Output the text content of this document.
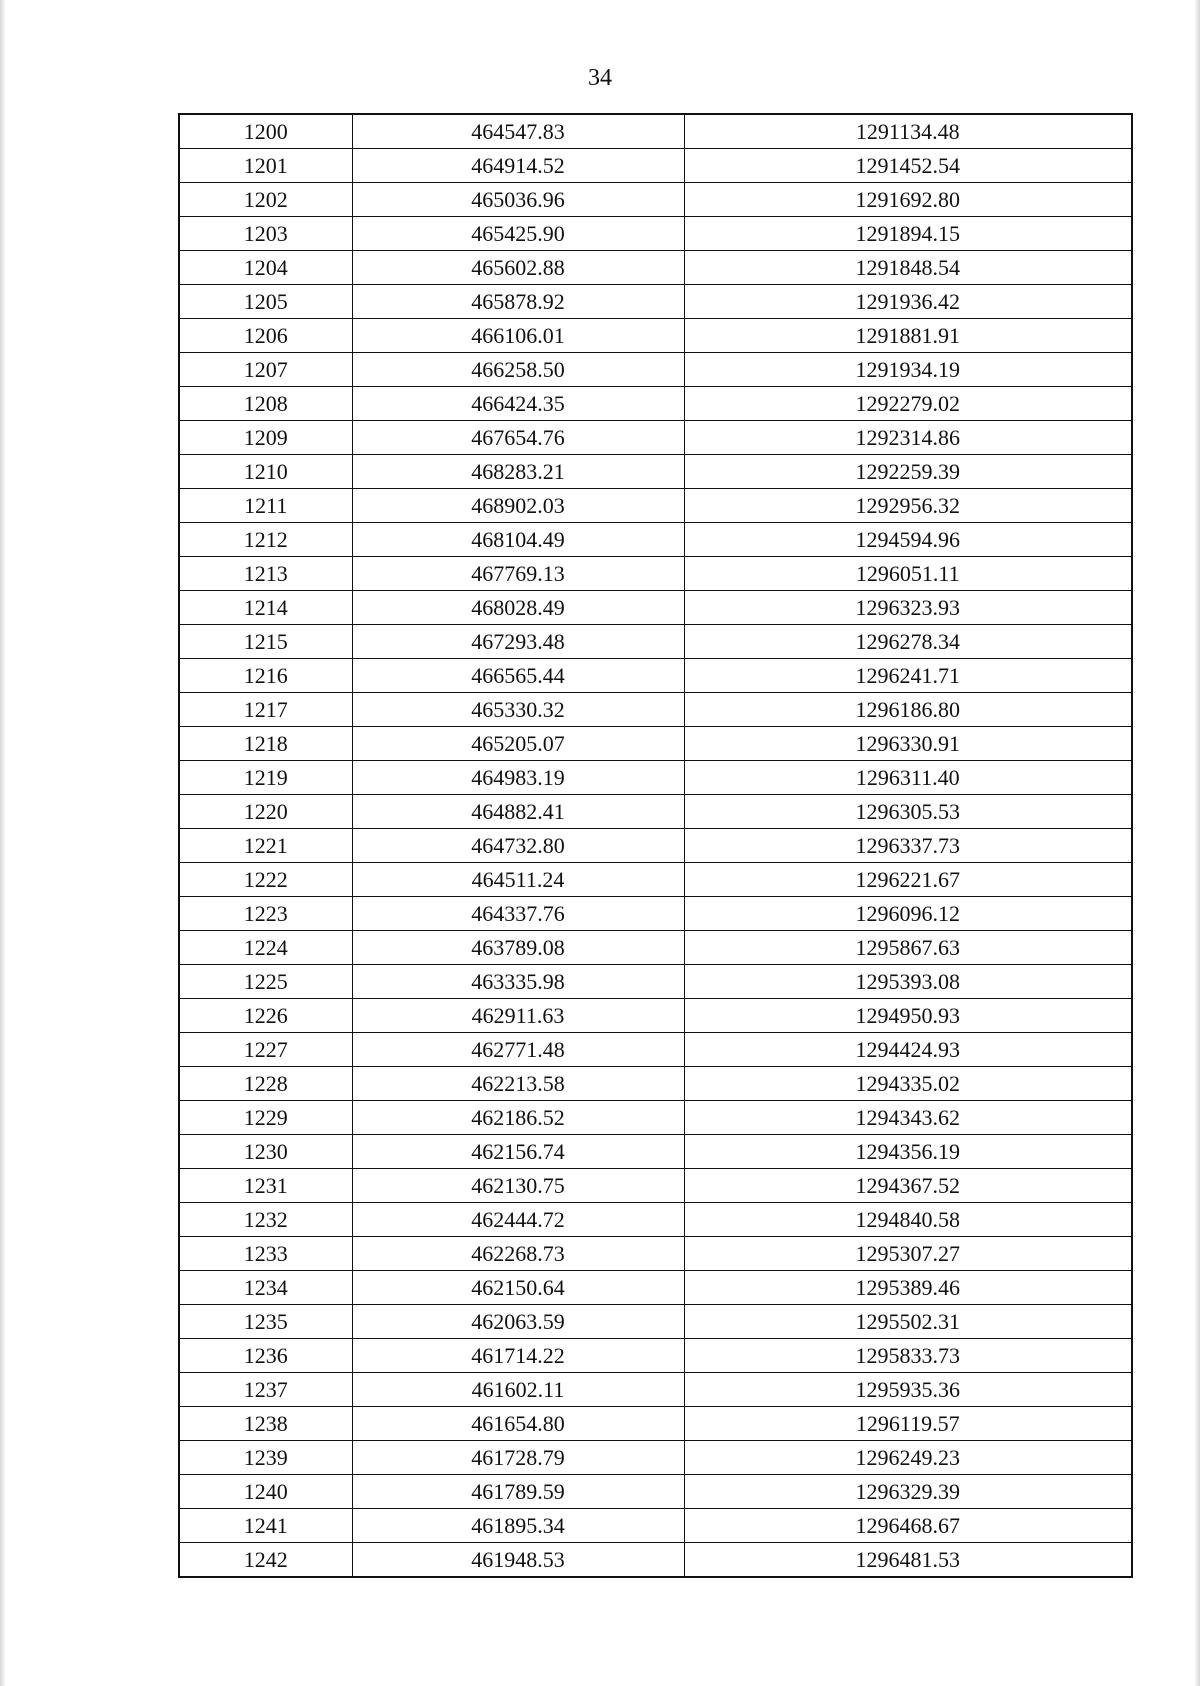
34
1200	464547.83	1291134.48
1201	464914.52	1291452.54
1202	465036.96	1291692.80
1203	465425.90	1291894.15
1204	465602.88	1291848.54
1205	465878.92	1291936.42
1206	466106.01	1291881.91
1207	466258.50	1291934.19
1208	466424.35	1292279.02
1209	467654.76	1292314.86
1210	468283.21	1292259.39
1211	468902.03	1292956.32
1212	468104.49	1294594.96
1213	467769.13	1296051.11
1214	468028.49	1296323.93
1215	467293.48	1296278.34
1216	466565.44	1296241.71
1217	465330.32	1296186.80
1218	465205.07	1296330.91
1219	464983.19	1296311.40
1220	464882.41	1296305.53
1221	464732.80	1296337.73
1222	464511.24	1296221.67
1223	464337.76	1296096.12
1224	463789.08	1295867.63
1225	463335.98	1295393.08
1226	462911.63	1294950.93
1227	462771.48	1294424.93
1228	462213.58	1294335.02
1229	462186.52	1294343.62
1230	462156.74	1294356.19
1231	462130.75	1294367.52
1232	462444.72	1294840.58
1233	462268.73	1295307.27
1234	462150.64	1295389.46
1235	462063.59	1295502.31
1236	461714.22	1295833.73
1237	461602.11	1295935.36
1238	461654.80	1296119.57
1239	461728.79	1296249.23
1240	461789.59	1296329.39
1241	461895.34	1296468.67
1242	461948.53	1296481.53
